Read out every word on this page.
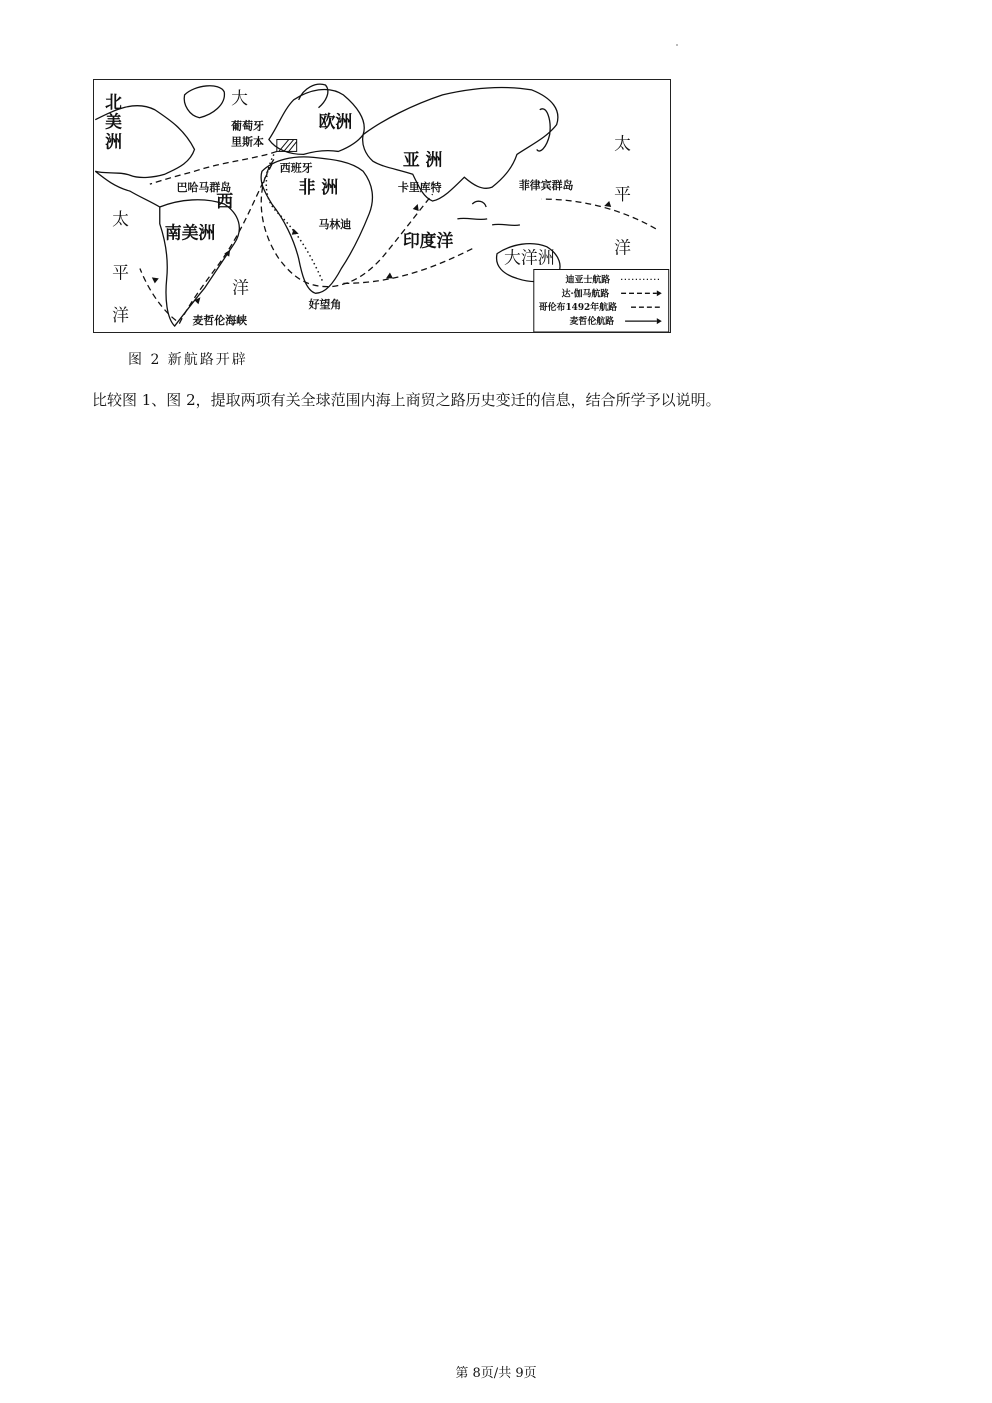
北
美
洲
大
葡萄牙
里斯本
欧洲
亚 洲
西班牙
非 洲	卡里库特	菲律宾群岛
巴哈马群岛
西
南美洲	马林迪
印度洋
大洋洲
太
平
洋
太
平
洋
洋
好望角
麦哲伦海峡
迪亚士航路
达·伽马航路
哥伦布1492年航路
麦哲伦航路
图 2 新航路开辟
比较图 1、图 2，提取两项有关全球范围内海上商贸之路历史变迁的信息，结合所学予以说明。
第 8页/共 9页
